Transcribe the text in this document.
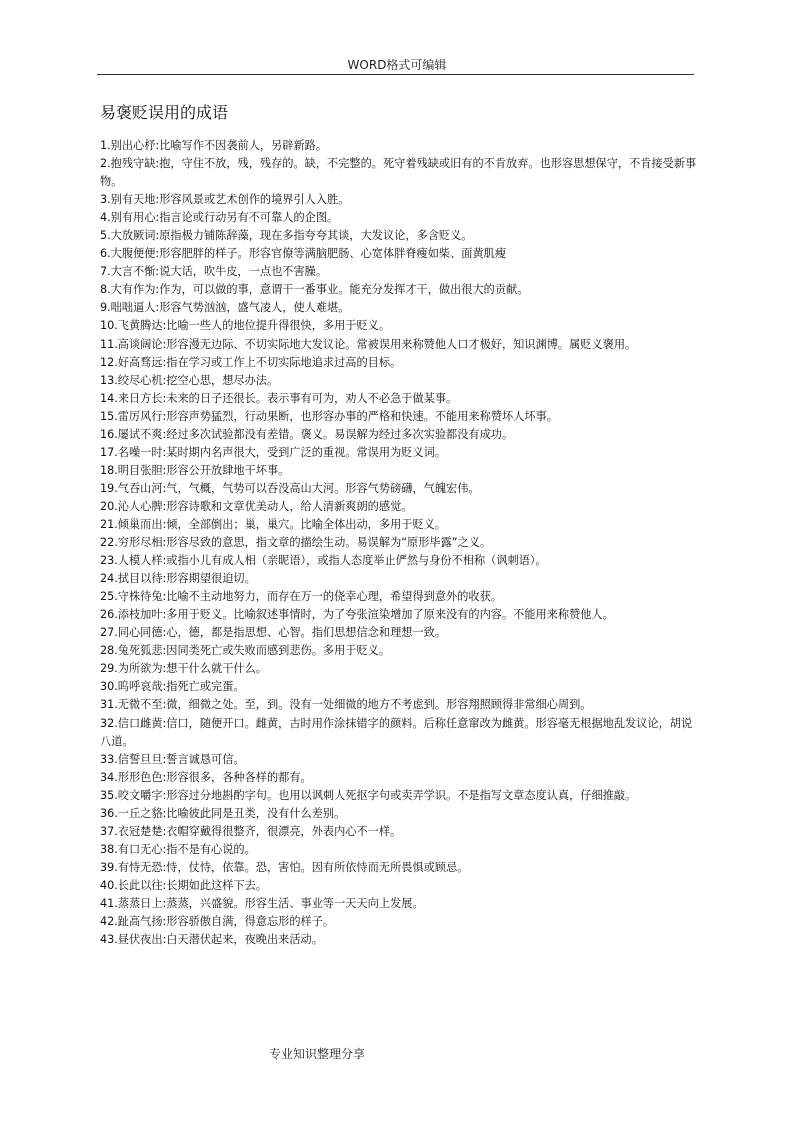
WORD格式可编辑
易褒贬误用的成语
1.别出心杼:比喻写作不因袭前人，另辟新路。
2.抱残守缺:抱，守住不放，残，残存的。缺，不完整的。死守着残缺或旧有的不肯放弃。也形容思想保守，不肯接受新事物。
3.别有天地:形容风景或艺术创作的境界引人入胜。
4.别有用心:指言论或行动另有不可靠人的企图。
5.大放厥词:原指极力铺陈辞藻，现在多指夸夸其谈，大发议论，多含贬义。
6.大腹便便:形容肥胖的样子。形容官僚等满脑肥肠、心宽体胖脊瘦如柴、面黄肌瘦
7.大言不惭:说大话，吹牛皮，一点也不害臊。
8.大有作为:作为，可以做的事，意谓干一番事业。能充分发挥才干，做出很大的贡献。
9.咄咄逼人:形容气势汹汹，盛气凌人，使人难堪。
10.飞黄腾达:比喻一些人的地位提升得很快，多用于贬义。
11.高谈阔论:形容漫无边际、不切实际地大发议论。常被误用来称赞他人口才极好，知识渊博。属贬义褒用。
12.好高骛远:指在学习或工作上不切实际地追求过高的目标。
13.绞尽心机:挖空心思，想尽办法。
14.来日方长:未来的日子还很长。表示事有可为，劝人不必急于做某事。
15.雷厉风行:形容声势猛烈，行动果断，也形容办事的严格和快速。不能用来称赞坏人坏事。
16.屡试不爽:经过多次试验都没有差错。褒义。易误解为经过多次实验都没有成功。
17.名噪一时:某时期内名声很大，受到广泛的重视。常误用为贬义词。
18.明目张胆:形容公开放肆地干坏事。
19.气吞山河:气，气概，气势可以吞没高山大河。形容气势磅礴，气魄宏伟。
20.沁人心脾:形容诗歌和文章优美动人，给人清新爽朗的感觉。
21.倾巢而出:倾，全部倒出；巢，巢穴。比喻全体出动，多用于贬义。
22.穷形尽相:形容尽致的意思，指文章的描绘生动。易误解为“原形毕露”之义。
23.人模人样:或指小儿有成人相（亲昵语），或指人态度举止俨然与身份不相称（讽刺语）。
24.拭目以待:形容期望很迫切。
25.守株待兔:比喻不主动地努力，而存在万一的侥幸心理，希望得到意外的收获。
26.添枝加叶:多用于贬义。比喻叙述事情时，为了夸张渲染增加了原来没有的内容。不能用来称赞他人。
27.同心同德:心，德，都是指思想、心智。指们思想信念和理想一致。
28.兔死狐悲:因同类死亡或失败而感到悲伤。多用于贬义。
29.为所欲为:想干什么就干什么。
30.呜呼哀哉:指死亡或完蛋。
31.无微不至:微，细微之处。至，到。没有一处细微的地方不考虑到。形容翔照顾得非常细心周到。
32.信口雌黄:信口，随便开口。雌黄，古时用作涂抹错字的颜料。后称任意窜改为雌黄。形容毫无根据地乱发议论，胡说八道。
33.信誓旦旦:誓言诚恳可信。
34.形形色色:形容很多，各种各样的都有。
35.咬文嚼字:形容过分地斟酌字句。也用以讽刺人死抠字句或卖弄学识。不是指写文章态度认真，仔细推敲。
36.一丘之貉:比喻彼此同是丑类，没有什么差别。
37.衣冠楚楚:衣帽穿戴得很整齐，很漂亮，外表内心不一样。
38.有口无心:指不是有心说的。
39.有恃无恐:恃，仗恃，依靠。恐，害怕。因有所依恃而无所畏惧或顾忌。
40.长此以往:长期如此这样下去。
41.蒸蒸日上:蒸蒸，兴盛貌。形容生活、事业等一天天向上发展。
42.趾高气扬:形容骄傲自满，得意忘形的样子。
43.昼伏夜出:白天潜伏起来，夜晚出来活动。
专业知识整理分享
